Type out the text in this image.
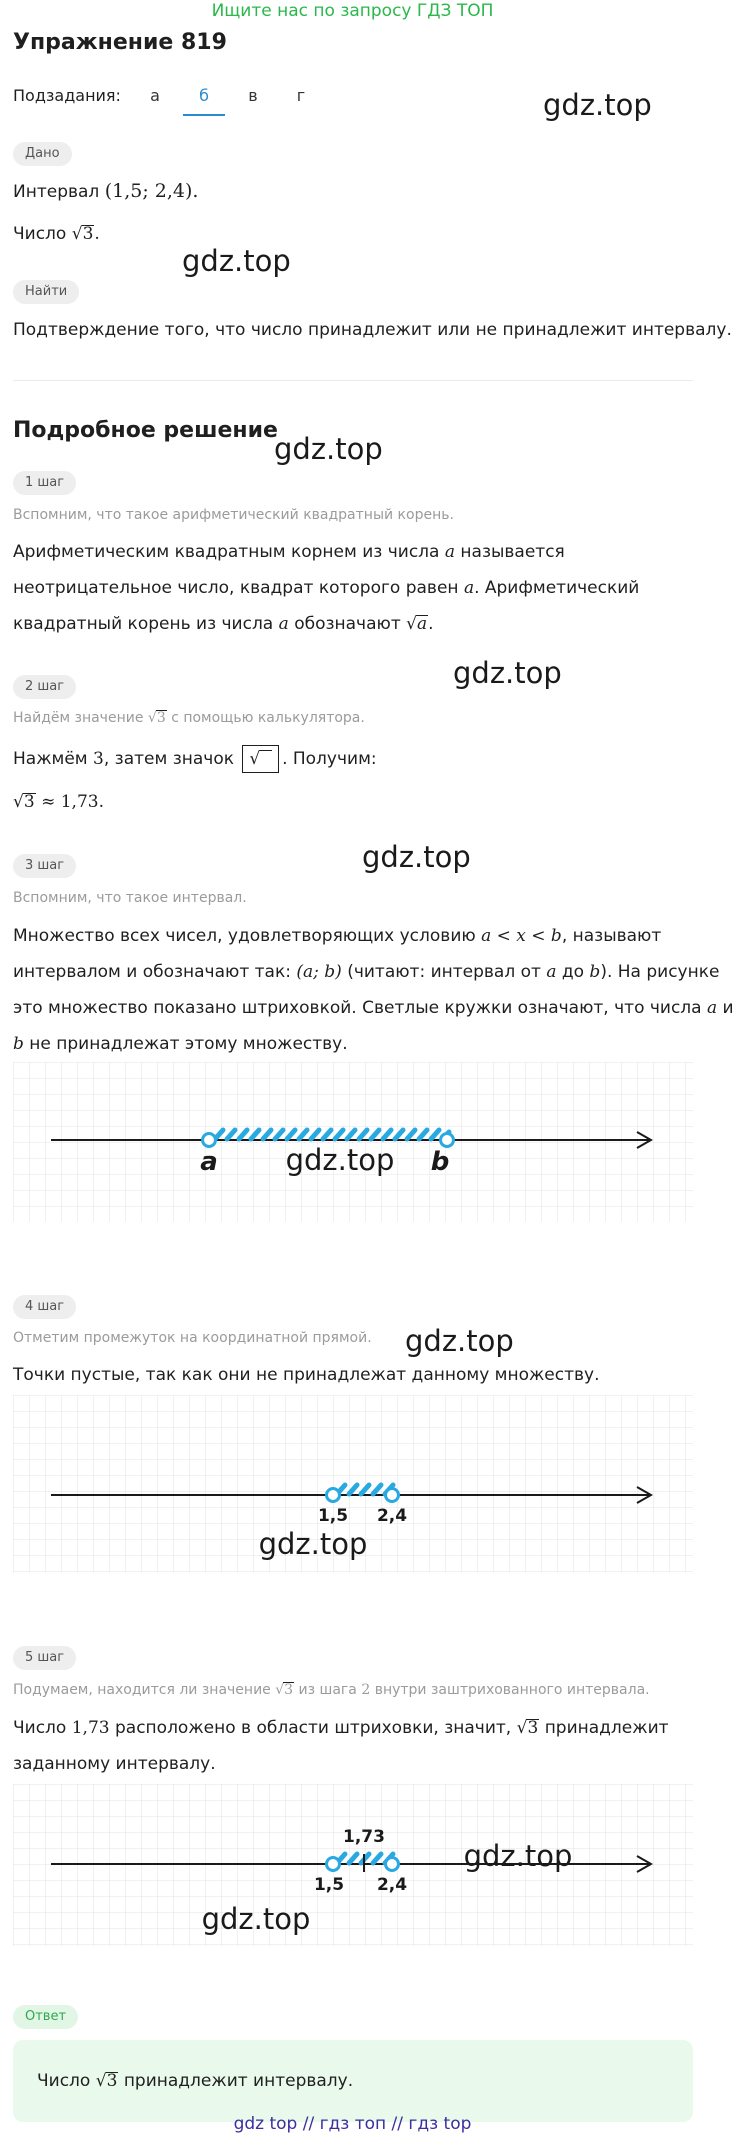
Ищите нас по запросу ГДЗ ТОП
Упражнение 819
Подзадания:	а	б	в	г	gdz.top
gdz.top
gdz.top
gdz.top
gdz.top
gdz.top
Дано
Интервал (1,5; 2,4).
Число √3.
Найти
Подтверждение того, что число принадлежит или не принадлежит интервалу.
Подробное решение
1 шаг
Вспомним, что такое арифметический квадратный корень.
Арифметическим квадратным корнем из числа a называется
неотрицательное число, квадрат которого равен a. Арифметический
квадратный корень из числа a обозначают √a.
2 шаг
Найдём значение √3 с помощью калькулятора.
Нажмём 3, затем значок √ . Получим:
√3 ≈ 1,73.
3 шаг
Вспомним, что такое интервал.
Множество всех чисел, удовлетворяющих условию a < x < b, называют
интервалом и обозначают так: (a; b) (читают: интервал от a до b). На рисунке
это множество показано штриховкой. Светлые кружки означают, что числа a и
b не принадлежат этому множеству.
a	b
gdz.top
4 шаг
Отметим промежуток на координатной прямой.
Точки пустые, так как они не принадлежат данному множеству.
1,5 2,4
gdz.top
5 шаг
Подумаем, находится ли значение √3 из шага 2 внутри заштрихованного интервала.
Число 1,73 расположено в области штриховки, значит, √3 принадлежит
заданному интервалу.
1,73
1,5 2,4
gdz.top
gdz.top
Ответ
Число √3 принадлежит интервалу.
gdz top // гдз топ // гдз top
